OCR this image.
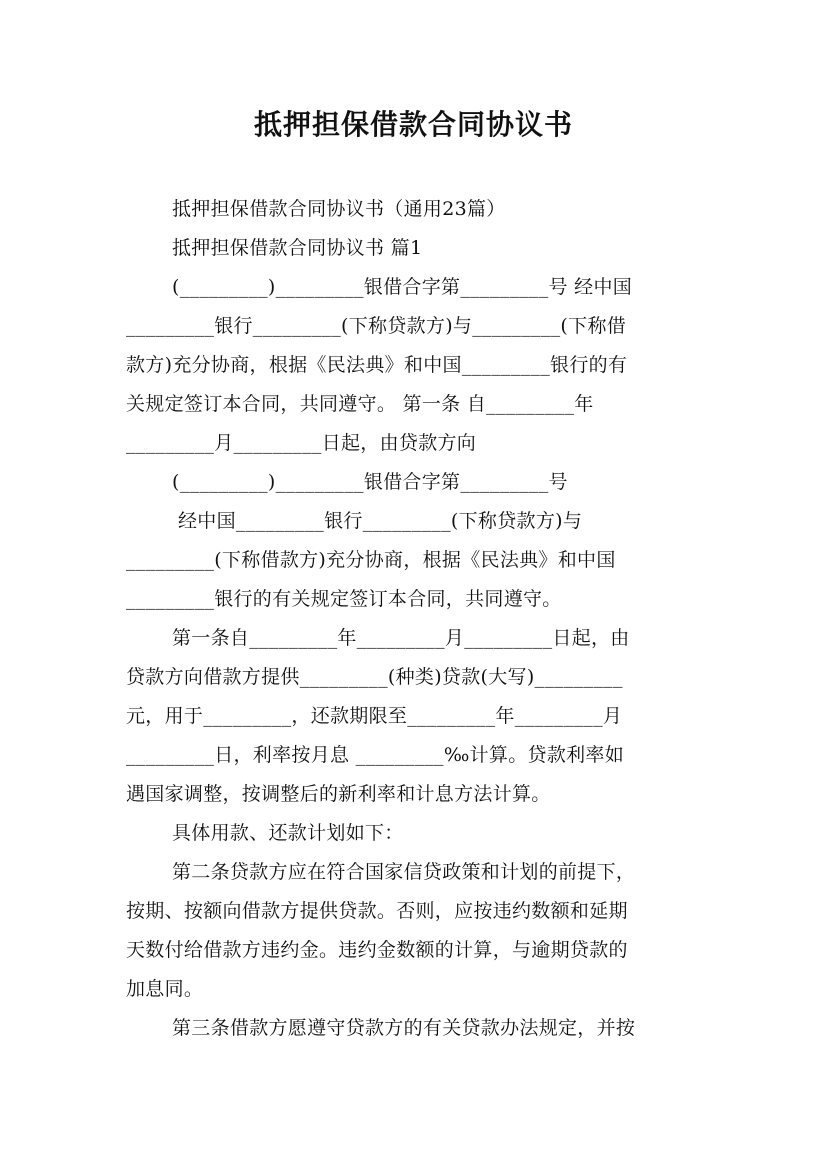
抵押担保借款合同协议书
抵押担保借款合同协议书（通用23篇）
抵押担保借款合同协议书 篇1
(_________)_________银借合字第_________号 经中国
_________银行_________(下称贷款方)与_________(下称借
款方)充分协商，根据《民法典》和中国_________银行的有
关规定签订本合同，共同遵守。 第一条 自_________年
_________月_________日起，由贷款方向
(_________)_________银借合字第_________号
经中国_________银行_________(下称贷款方)与
_________(下称借款方)充分协商，根据《民法典》和中国
_________银行的有关规定签订本合同，共同遵守。
第一条自_________年_________月_________日起，由
贷款方向借款方提供_________(种类)贷款(大写)_________
元，用于_________，还款期限至_________年_________月
_________日，利率按月息 _________‰计算。贷款利率如
遇国家调整，按调整后的新利率和计息方法计算。
具体用款、还款计划如下：
第二条贷款方应在符合国家信贷政策和计划的前提下，
按期、按额向借款方提供贷款。否则，应按违约数额和延期
天数付给借款方违约金。违约金数额的计算，与逾期贷款的
加息同。
第三条借款方愿遵守贷款方的有关贷款办法规定，并按
